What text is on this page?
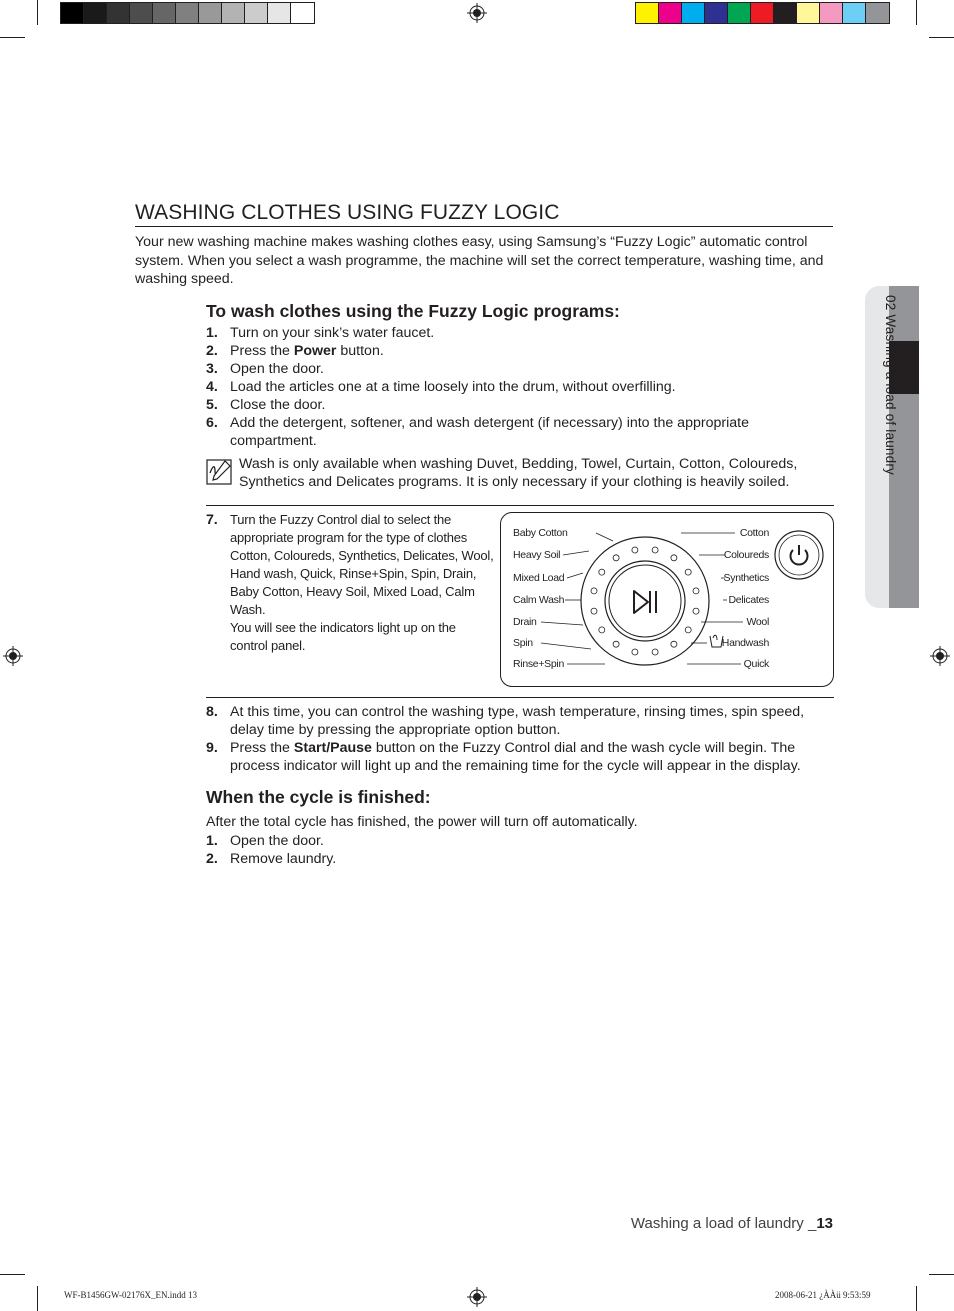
WASHING CLOTHES USING FUZZY LOGIC

Your new washing machine makes washing clothes easy, using Samsung’s “Fuzzy Logic” automatic control system. When you select a wash programme, the machine will set the correct temperature, washing time, and washing speed.

To wash clothes using the Fuzzy Logic programs:
1. Turn on your sink’s water faucet.
2. Press the Power button.
3. Open the door.
4. Load the articles one at a time loosely into the drum, without overfilling.
5. Close the door.
6. Add the detergent, softener, and wash detergent (if necessary) into the appropriate compartment.
Wash is only available when washing Duvet, Bedding, Towel, Curtain, Cotton, Coloureds, Synthetics and Delicates programs. It is only necessary if your clothing is heavily soiled.
7. Turn the Fuzzy Control dial to select the appropriate program for the type of clothes Cotton, Coloureds, Synthetics, Delicates, Wool, Hand wash, Quick, Rinse+Spin, Spin, Drain, Baby Cotton, Heavy Soil, Mixed Load, Calm Wash.
You will see the indicators light up on the control panel.
Baby Cotton
Heavy Soil
Mixed Load
Calm Wash
Drain
Spin
Rinse+Spin
Cotton
Coloureds
Synthetics
Delicates
Wool
Handwash
Quick
8. At this time, you can control the washing type, wash temperature, rinsing times, spin speed, delay time by pressing the appropriate option button.
9. Press the Start/Pause button on the Fuzzy Control dial and the wash cycle will begin. The process indicator will light up and the remaining time for the cycle will appear in the display.
When the cycle is finished:

After the total cycle has finished, the power will turn off automatically.

1. Open the door.
2. Remove laundry.
02 Washing a load of laundry
Washing a load of laundry _13
WF-B1456GW-02176X_EN.indd 13	2008-06-21 ¿ÀÀü 9:53:59
